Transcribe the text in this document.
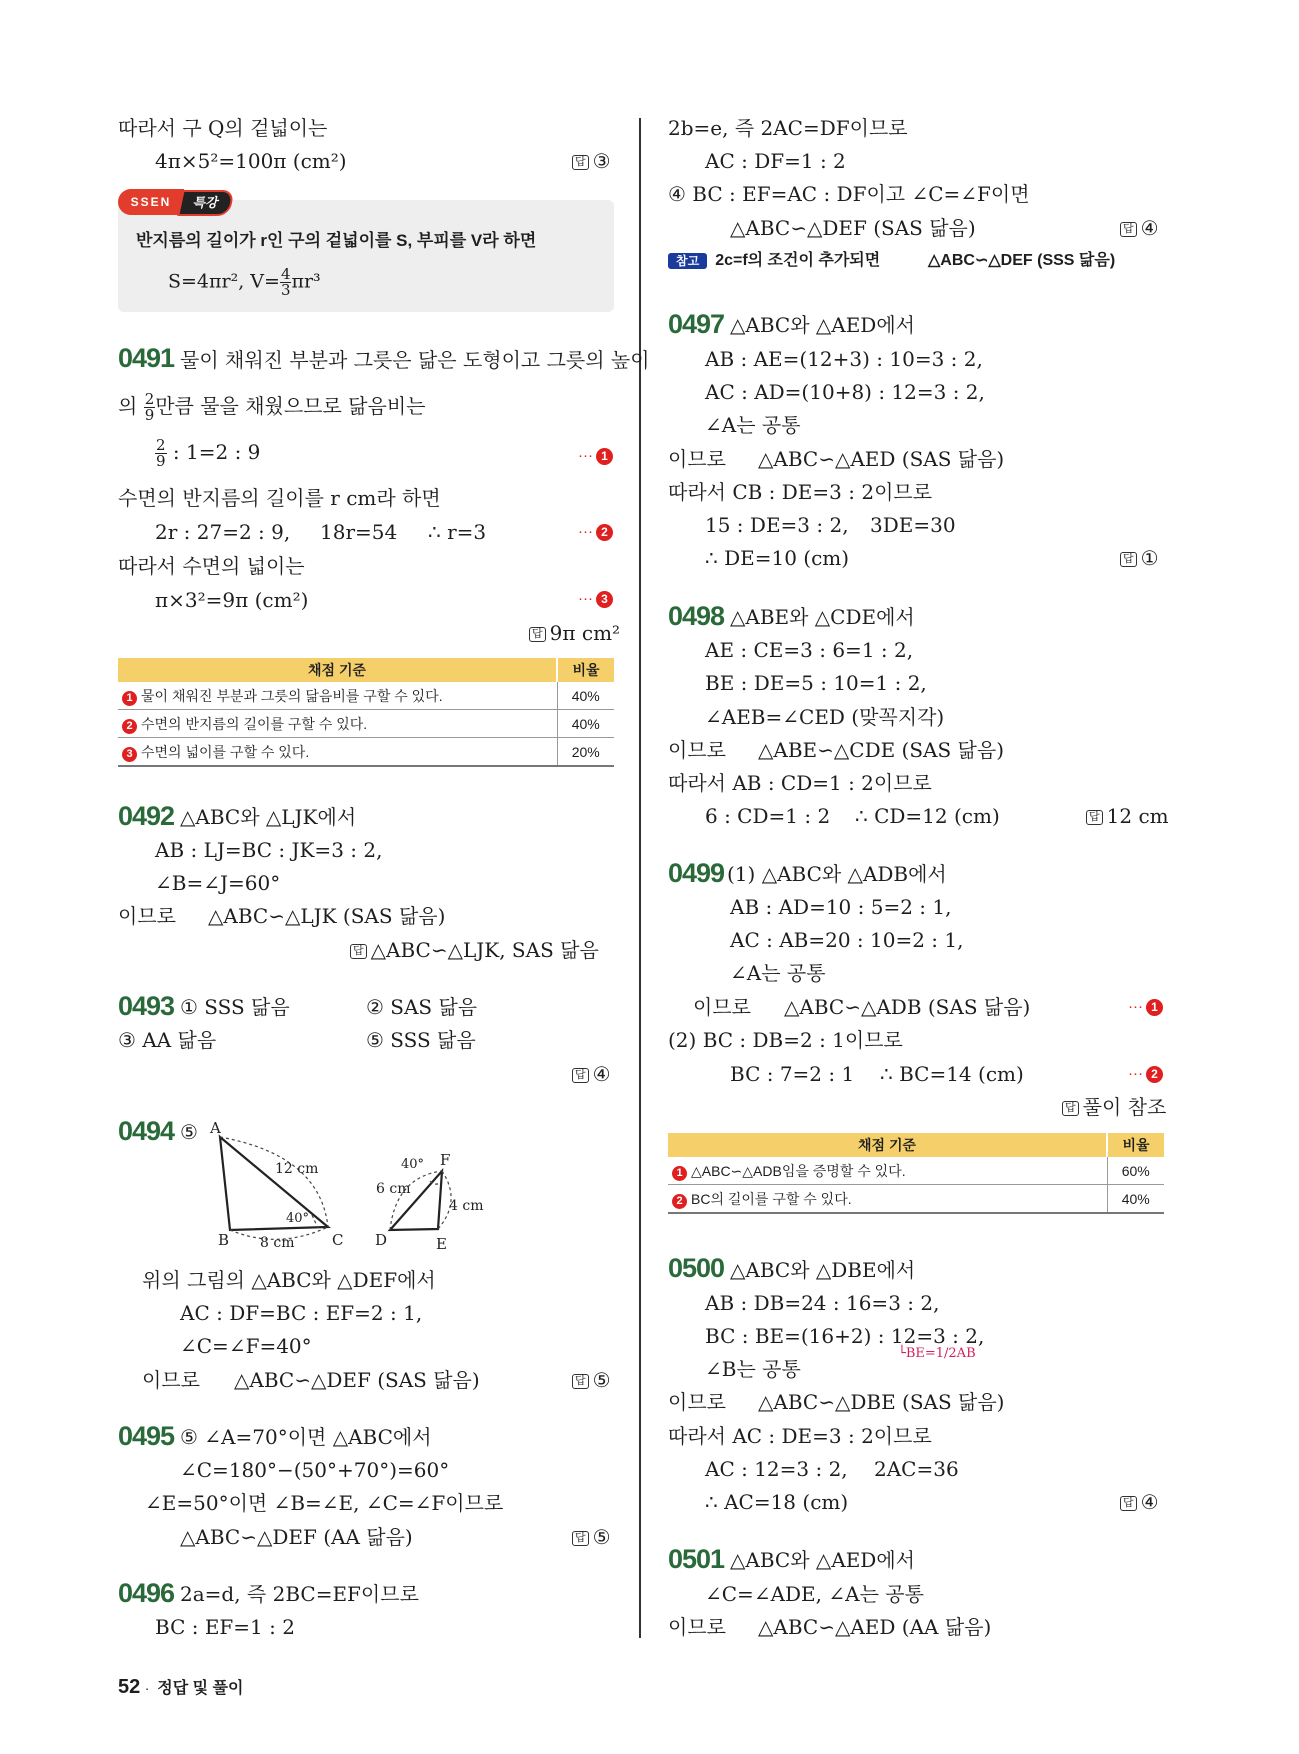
따라서 구 Q의 겉넓이는
4π×5²=100π (cm²)	답 ③
SSEN	특강
반지름의 길이가 r인 구의 겉넓이를 S, 부피를 V라 하면
S=4πr², $V= \frac{4}{3} \pi r^3$
0491 물이 채워진 부분과 그릇은 닮은 도형이고 그릇의 높이
의 $\frac{2}{9}$ 만큼 물을 채웠으므로 닮음비는
$\frac{2}{9}$ : 1=2 : 9	··· 1
수면의 반지름의 길이를 r cm라 하면
2r : 27=2 : 9, 18r=54 ∴ r=3	··· 2
따라서 수면의 넓이는
π×3²=9π (cm²)	··· 3
답 9π cm²
채점 기준	비율
1 물이 채워진 부분과 그릇의 닮음비를 구할 수 있다.	40%
2 수면의 반지름의 길이를 구할 수 있다.	40%
3 수면의 넓이를 구할 수 있다.	20%
0492 △ABC와 △LJK에서
AB : LJ=BC : JK=3 : 2,
∠B=∠J=60°
이므로 △ABC∽△LJK (SAS 닮음)
답 △ABC∽△LJK, SAS 닮음
0493 ① SSS 닮음	② SAS 닮음
③ AA 닮음	⑤ SSS 닮음
답 ④
0494 ⑤ A
B	C D	E
F
12 cm
8 cm
40°
6 cm
4 cm
40°
위의 그림의 △ABC와 △DEF에서
AC : DF=BC : EF=2 : 1,
∠C=∠F=40°
이므로 △ABC∽△DEF (SAS 닮음)	답 ⑤
0495 ⑤ ∠A=70°이면 △ABC에서
∠C=180°−(50°+70°)=60°
∠E=50°이면 ∠B=∠E, ∠C=∠F이므로
△ABC∽△DEF (AA 닮음)	답 ⑤
0496 2a=d, 즉 2BC=EF이므로
BC : EF=1 : 2
2b=e, 즉 2AC=DF이므로
AC : DF=1 : 2
④ BC : EF=AC : DF이고 ∠C=∠F이면
△ABC∽△DEF (SAS 닮음)	답 ④
참고 2c=f의 조건이 추가되면	△ABC∽△DEF (SSS 닮음)
0497 △ABC와 △AED에서
AB : AE=(12+3) : 10=3 : 2,
AC : AD=(10+8) : 12=3 : 2,
∠A는 공통
이므로 △ABC∽△AED (SAS 닮음)
따라서 CB : DE=3 : 2이므로
15 : DE=3 : 2, 3DE=30
∴ DE=10 (cm)	답 ①
0498 △ABE와 △CDE에서
AE : CE=3 : 6=1 : 2,
BE : DE=5 : 10=1 : 2,
∠AEB=∠CED (맞꼭지각)
이므로 △ABE∽△CDE (SAS 닮음)
따라서 AB : CD=1 : 2이므로
6 : CD=1 : 2 ∴ CD=12 (cm)	답 12 cm
0499 (1) △ABC와 △ADB에서
AB : AD=10 : 5=2 : 1,
AC : AB=20 : 10=2 : 1,
∠A는 공통
이므로 △ABC∽△ADB (SAS 닮음)	··· 1
(2) BC : DB=2 : 1이므로
BC : 7=2 : 1 ∴ BC=14 (cm)	··· 2
답 풀이 참조
채점 기준	비율
1 △ABC∽△ADB임을 증명할 수 있다.	60%
2 BC의 길이를 구할 수 있다.	40%
0500 △ABC와 △DBE에서
AB : DB=24 : 16=3 : 2,
BC : BE=(16+2) : 12=3 : 2,
└BE=1/2AB
∠B는 공통
이므로 △ABC∽△DBE (SAS 닮음)
따라서 AC : DE=3 : 2이므로
AC : 12=3 : 2, 2AC=36
∴ AC=18 (cm)	답 ④
0501 △ABC와 △AED에서
∠C=∠ADE, ∠A는 공통
이므로 △ABC∽△AED (AA 닮음)
52 · 정답 및 풀이
